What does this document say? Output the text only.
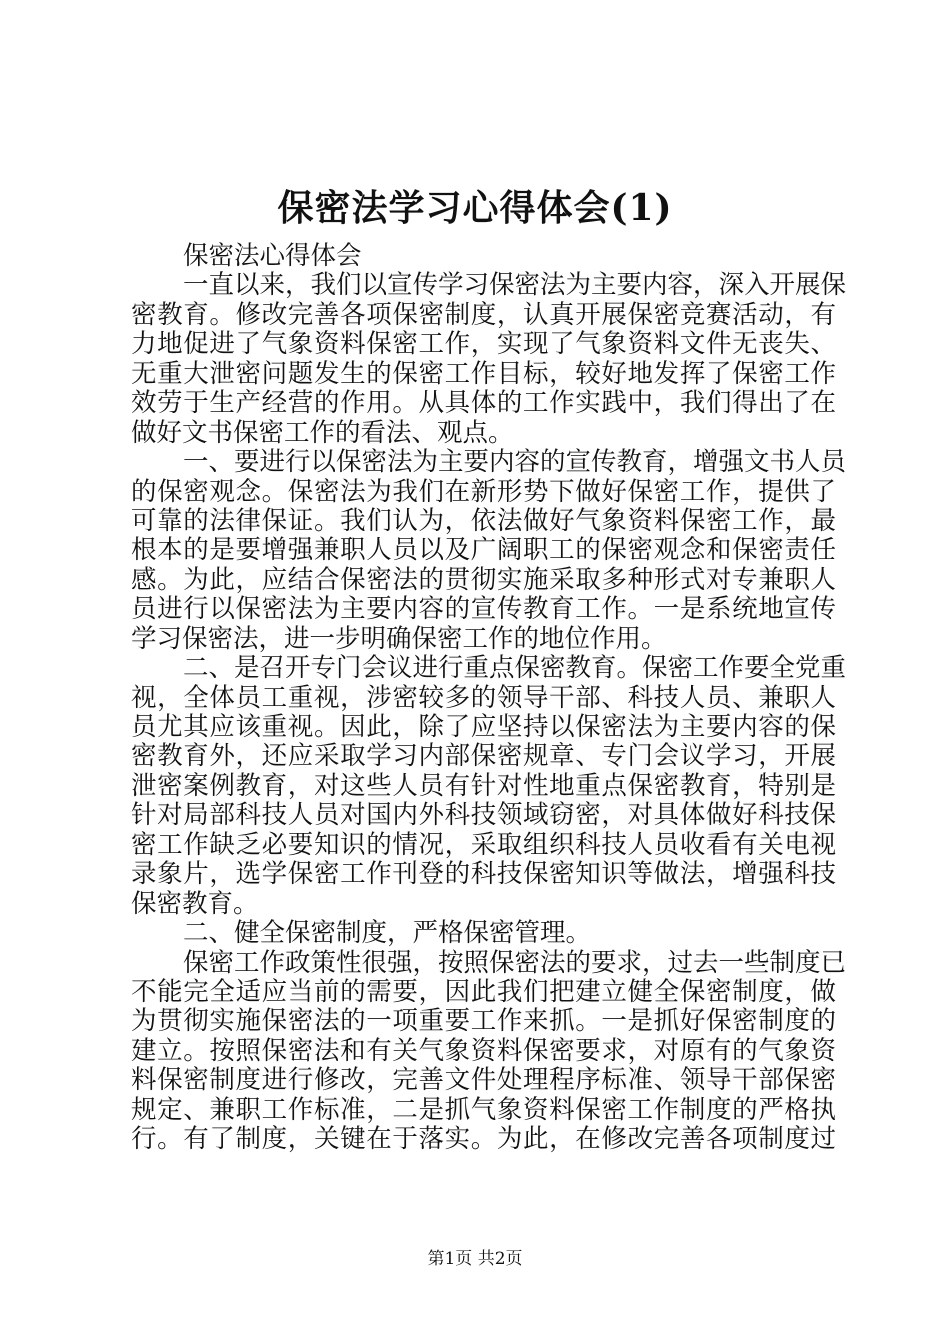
保密法学习心得体会(1)
保密法心得体会
一直以来，我们以宣传学习保密法为主要内容，深入开展保
密教育。修改完善各项保密制度，认真开展保密竞赛活动，有
力地促进了气象资料保密工作，实现了气象资料文件无丧失、
无重大泄密问题发生的保密工作目标，较好地发挥了保密工作
效劳于生产经营的作用。从具体的工作实践中，我们得出了在
做好文书保密工作的看法、观点。
一、要进行以保密法为主要内容的宣传教育，增强文书人员
的保密观念。保密法为我们在新形势下做好保密工作，提供了
可靠的法律保证。我们认为，依法做好气象资料保密工作，最
根本的是要增强兼职人员以及广阔职工的保密观念和保密责任
感。为此，应结合保密法的贯彻实施采取多种形式对专兼职人
员进行以保密法为主要内容的宣传教育工作。一是系统地宣传
学习保密法，进一步明确保密工作的地位作用。
二、是召开专门会议进行重点保密教育。保密工作要全党重
视，全体员工重视，涉密较多的领导干部、科技人员、兼职人
员尤其应该重视。因此，除了应坚持以保密法为主要内容的保
密教育外，还应采取学习内部保密规章、专门会议学习，开展
泄密案例教育，对这些人员有针对性地重点保密教育，特别是
针对局部科技人员对国内外科技领域窃密，对具体做好科技保
密工作缺乏必要知识的情况，采取组织科技人员收看有关电视
录象片，选学保密工作刊登的科技保密知识等做法，增强科技
保密教育。
二、健全保密制度，严格保密管理。
保密工作政策性很强，按照保密法的要求，过去一些制度已
不能完全适应当前的需要，因此我们把建立健全保密制度，做
为贯彻实施保密法的一项重要工作来抓。一是抓好保密制度的
建立。按照保密法和有关气象资料保密要求，对原有的气象资
料保密制度进行修改，完善文件处理程序标准、领导干部保密
规定、兼职工作标准，二是抓气象资料保密工作制度的严格执
行。有了制度，关键在于落实。为此，在修改完善各项制度过
第1页 共2页
